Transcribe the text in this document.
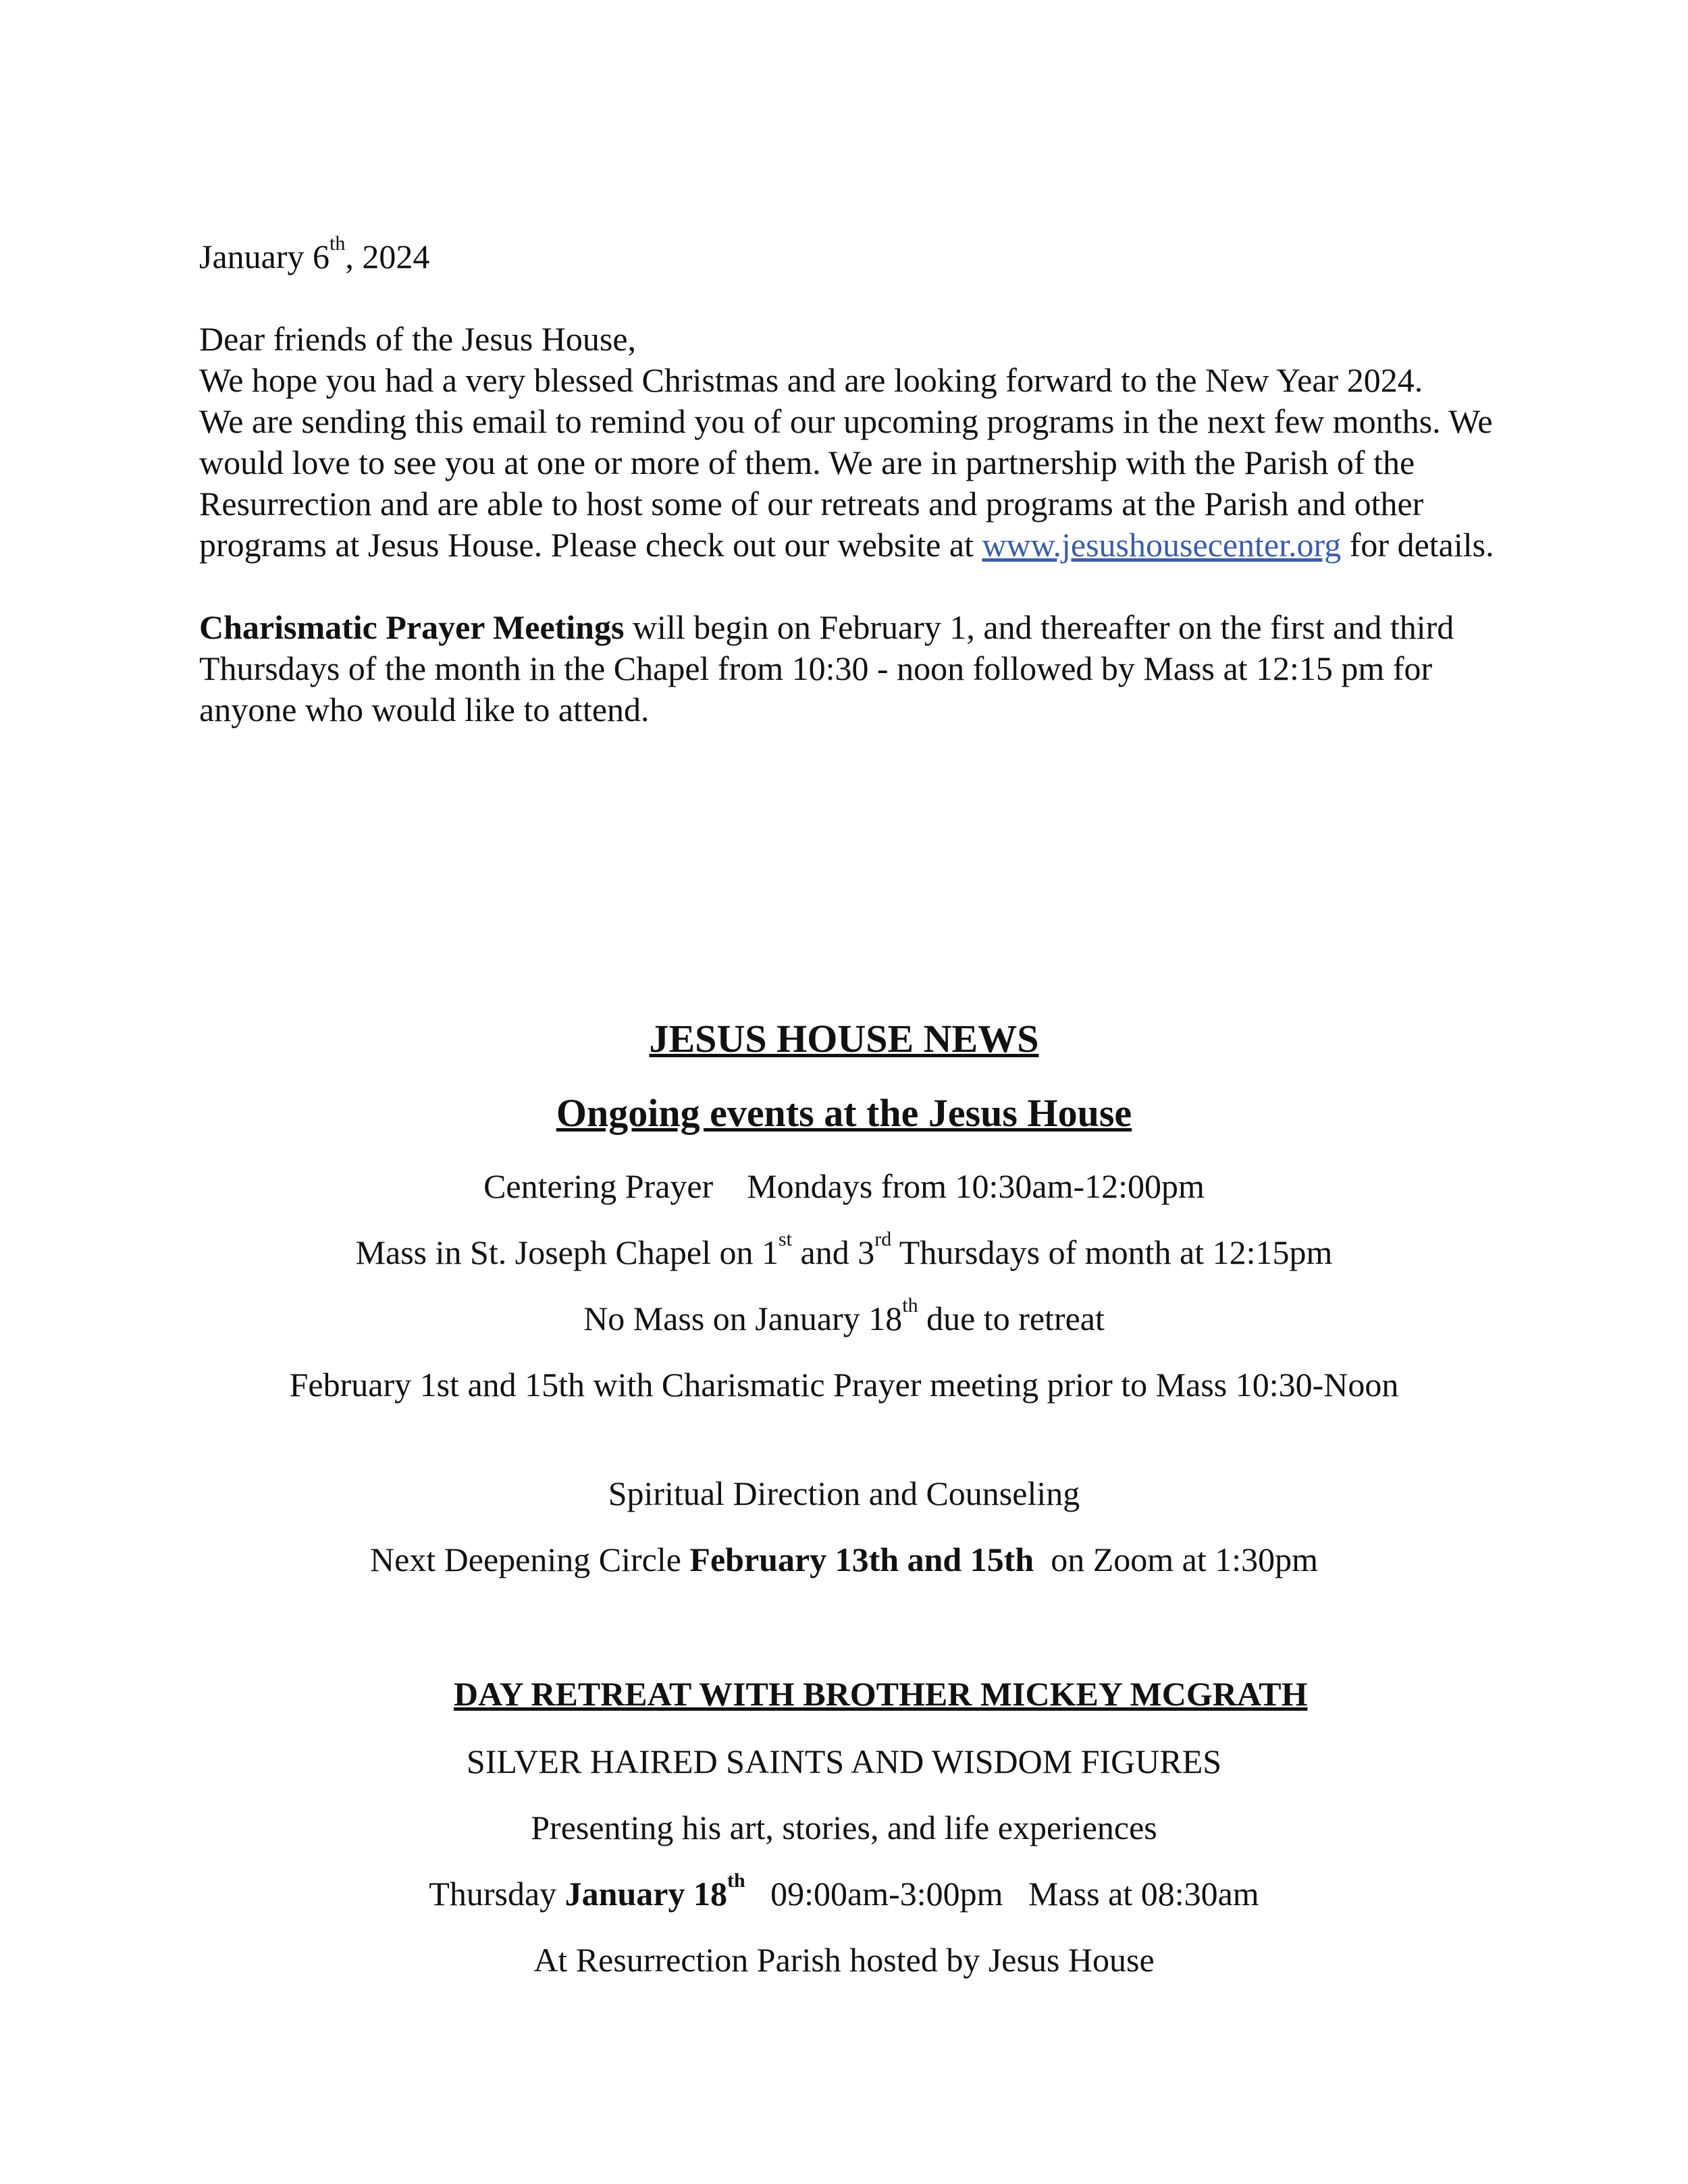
January 6th, 2024

Dear friends of the Jesus House,

We hope you had a very blessed Christmas and are looking forward to the New Year 2024.

We are sending this email to remind you of our upcoming programs in the next few months. We would love to see you at one or more of them. We are in partnership with the Parish of the Resurrection and are able to host some of our retreats and programs at the Parish and other programs at Jesus House. Please check out our website at www.jesushousecenter.org for details.

Charismatic Prayer Meetings will begin on February 1, and thereafter on the first and third Thursdays of the month in the Chapel from 10:30 - noon followed by Mass at 12:15 pm for anyone who would like to attend.

JESUS HOUSE NEWS
Ongoing events at the Jesus House

Centering Prayer    Mondays from 10:30am-12:00pm

Mass in St. Joseph Chapel on 1st and 3rd Thursdays of month at 12:15pm

No Mass on January 18th due to retreat

February 1st and 15th with Charismatic Prayer meeting prior to Mass 10:30-Noon

Spiritual Direction and Counseling

Next Deepening Circle February 13th and 15th  on Zoom at 1:30pm

DAY RETREAT WITH BROTHER MICKEY MCGRATH

SILVER HAIRED SAINTS AND WISDOM FIGURES

Presenting his art, stories, and life experiences

Thursday January 18th   09:00am-3:00pm   Mass at 08:30am

At Resurrection Parish hosted by Jesus House
